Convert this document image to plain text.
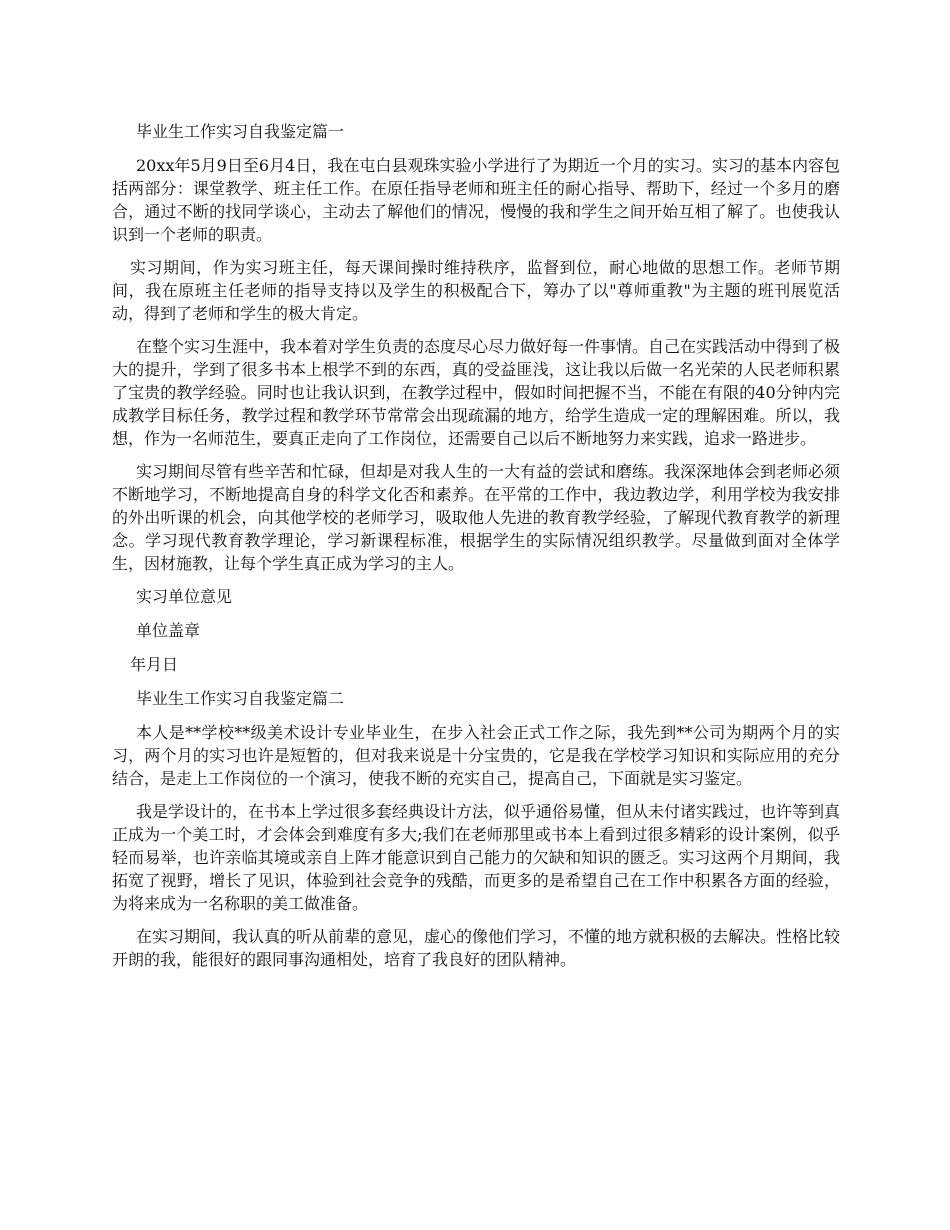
毕业生工作实习自我鉴定篇一

20xx年5月9日至6月4日，我在屯白县观珠实验小学进行了为期近一个月的实习。实习的基本内容包括两部分：课堂教学、班主任工作。在原任指导老师和班主任的耐心指导、帮助下，经过一个多月的磨合，通过不断的找同学谈心，主动去了解他们的情况，慢慢的我和学生之间开始互相了解了。也使我认识到一个老师的职责。

实习期间，作为实习班主任，每天课间操时维持秩序，监督到位，耐心地做的思想工作。老师节期间，我在原班主任老师的指导支持以及学生的积极配合下，筹办了以"尊师重教"为主题的班刊展览活动，得到了老师和学生的极大肯定。

在整个实习生涯中，我本着对学生负责的态度尽心尽力做好每一件事情。自己在实践活动中得到了极大的提升，学到了很多书本上根学不到的东西，真的受益匪浅，这让我以后做一名光荣的人民老师积累了宝贵的教学经验。同时也让我认识到，在教学过程中，假如时间把握不当，不能在有限的40分钟内完成教学目标任务，教学过程和教学环节常常会出现疏漏的地方，给学生造成一定的理解困难。所以，我想，作为一名师范生，要真正走向了工作岗位，还需要自己以后不断地努力来实践，追求一路进步。

实习期间尽管有些辛苦和忙碌，但却是对我人生的一大有益的尝试和磨练。我深深地体会到老师必须不断地学习，不断地提高自身的科学文化否和素养。在平常的工作中，我边教边学，利用学校为我安排的外出听课的机会，向其他学校的老师学习，吸取他人先进的教育教学经验，了解现代教育教学的新理念。学习现代教育教学理论，学习新课程标准，根据学生的实际情况组织教学。尽量做到面对全体学生，因材施教，让每个学生真正成为学习的主人。

实习单位意见

单位盖章

年月日

毕业生工作实习自我鉴定篇二

本人是**学校**级美术设计专业毕业生，在步入社会正式工作之际，我先到**公司为期两个月的实习，两个月的实习也许是短暂的，但对我来说是十分宝贵的，它是我在学校学习知识和实际应用的充分结合，是走上工作岗位的一个演习，使我不断的充实自己，提高自己，下面就是实习鉴定。

我是学设计的，在书本上学过很多套经典设计方法，似乎通俗易懂，但从未付诸实践过，也许等到真正成为一个美工时，才会体会到难度有多大;我们在老师那里或书本上看到过很多精彩的设计案例，似乎轻而易举，也许亲临其境或亲自上阵才能意识到自己能力的欠缺和知识的匮乏。实习这两个月期间，我拓宽了视野，增长了见识，体验到社会竞争的残酷，而更多的是希望自己在工作中积累各方面的经验，为将来成为一名称职的美工做准备。

在实习期间，我认真的听从前辈的意见，虚心的像他们学习，不懂的地方就积极的去解决。性格比较开朗的我，能很好的跟同事沟通相处，培育了我良好的团队精神。
